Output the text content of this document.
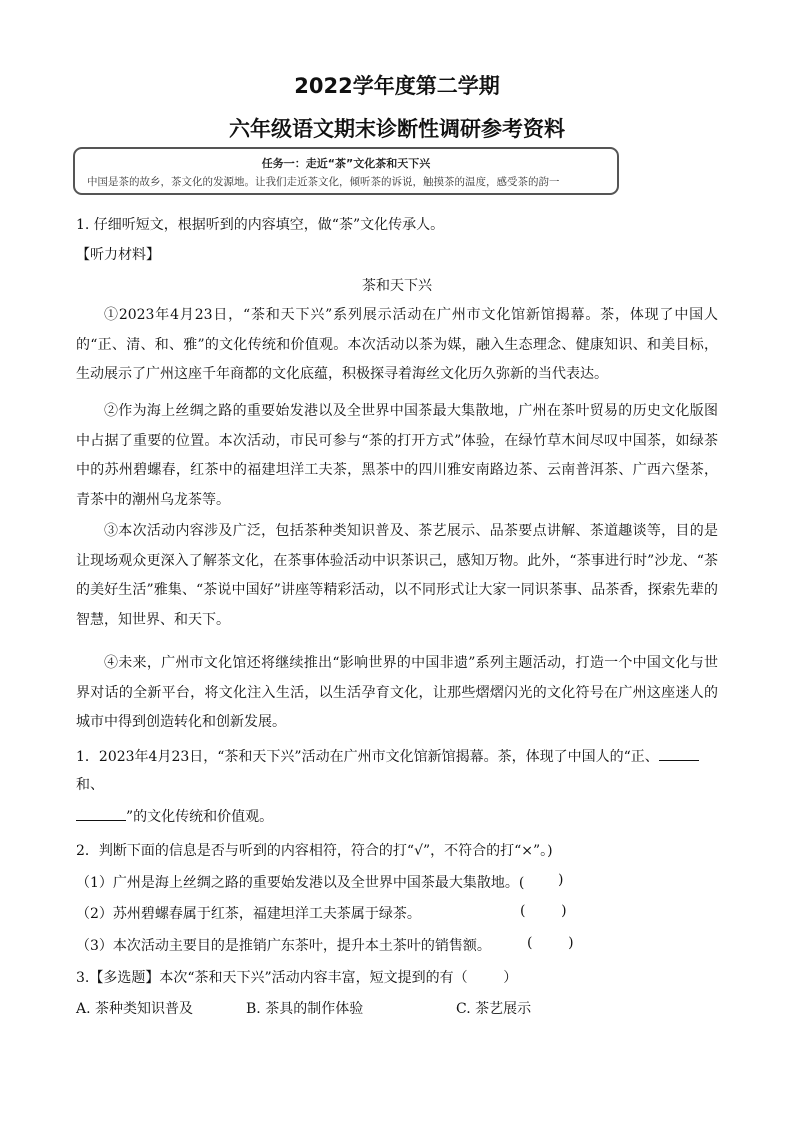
2022学年度第二学期
六年级语文期末诊断性调研参考资料
任务一：走近“茶”文化茶和天下兴
中国是茶的故乡，茶文化的发源地。让我们走近茶文化，倾听茶的诉说，触摸茶的温度，感受茶的韵一

1. 仔细听短文，根据听到的内容填空，做“茶”文化传承人。

【听力材料】

茶和天下兴

①2023年4月23日，“茶和天下兴”系列展示活动在广州市文化馆新馆揭幕。茶，体现了中国人的“正、清、和、雅”的文化传统和价值观。本次活动以茶为媒，融入生态理念、健康知识、和美目标，生动展示了广州这座千年商都的文化底蕴，积极探寻着海丝文化历久弥新的当代表达。

②作为海上丝绸之路的重要始发港以及全世界中国茶最大集散地，广州在茶叶贸易的历史文化版图中占据了重要的位置。本次活动，市民可参与“茶的打开方式”体验，在绿竹草木间尽叹中国茶，如绿茶中的苏州碧螺春，红茶中的福建坦洋工夫茶，黑茶中的四川雅安南路边茶、云南普洱茶、广西六堡茶，青茶中的潮州乌龙茶等。

③本次活动内容涉及广泛，包括茶种类知识普及、茶艺展示、品茶要点讲解、茶道趣谈等，目的是让现场观众更深入了解茶文化，在茶事体验活动中识茶识己，感知万物。此外，“茶事进行时”沙龙、“茶的美好生活”雅集、“茶说中国好”讲座等精彩活动，以不同形式让大家一同识茶事、品茶香，探索先辈的智慧，知世界、和天下。

④未来，广州市文化馆还将继续推出“影响世界的中国非遗”系列主题活动，打造一个中国文化与世界对话的全新平台，将文化注入生活，以生活孕育文化，让那些熠熠闪光的文化符号在广州这座迷人的城市中得到创造转化和创新发展。

1．2023年4月23日，“茶和天下兴”活动在广州市文化馆新馆揭幕。茶，体现了中国人的“正、

和、

”的文化传统和价值观。

2．判断下面的信息是否与听到的内容相符，符合的打“√”，不符合的打“×”。)

（1）广州是海上丝绸之路的重要始发港以及全世界中国茶最大集散地。( )

（2）苏州碧螺春属于红茶，福建坦洋工夫茶属于绿茶。	(        )

（3）本次活动主要目的是推销广东茶叶，提升本土茶叶的销售额。	(        )

3.【多选题】本次“茶和天下兴”活动内容丰富，短文提到的有（        ）

A. 茶种类知识普及	B. 茶具的制作体验	C. 茶艺展示
